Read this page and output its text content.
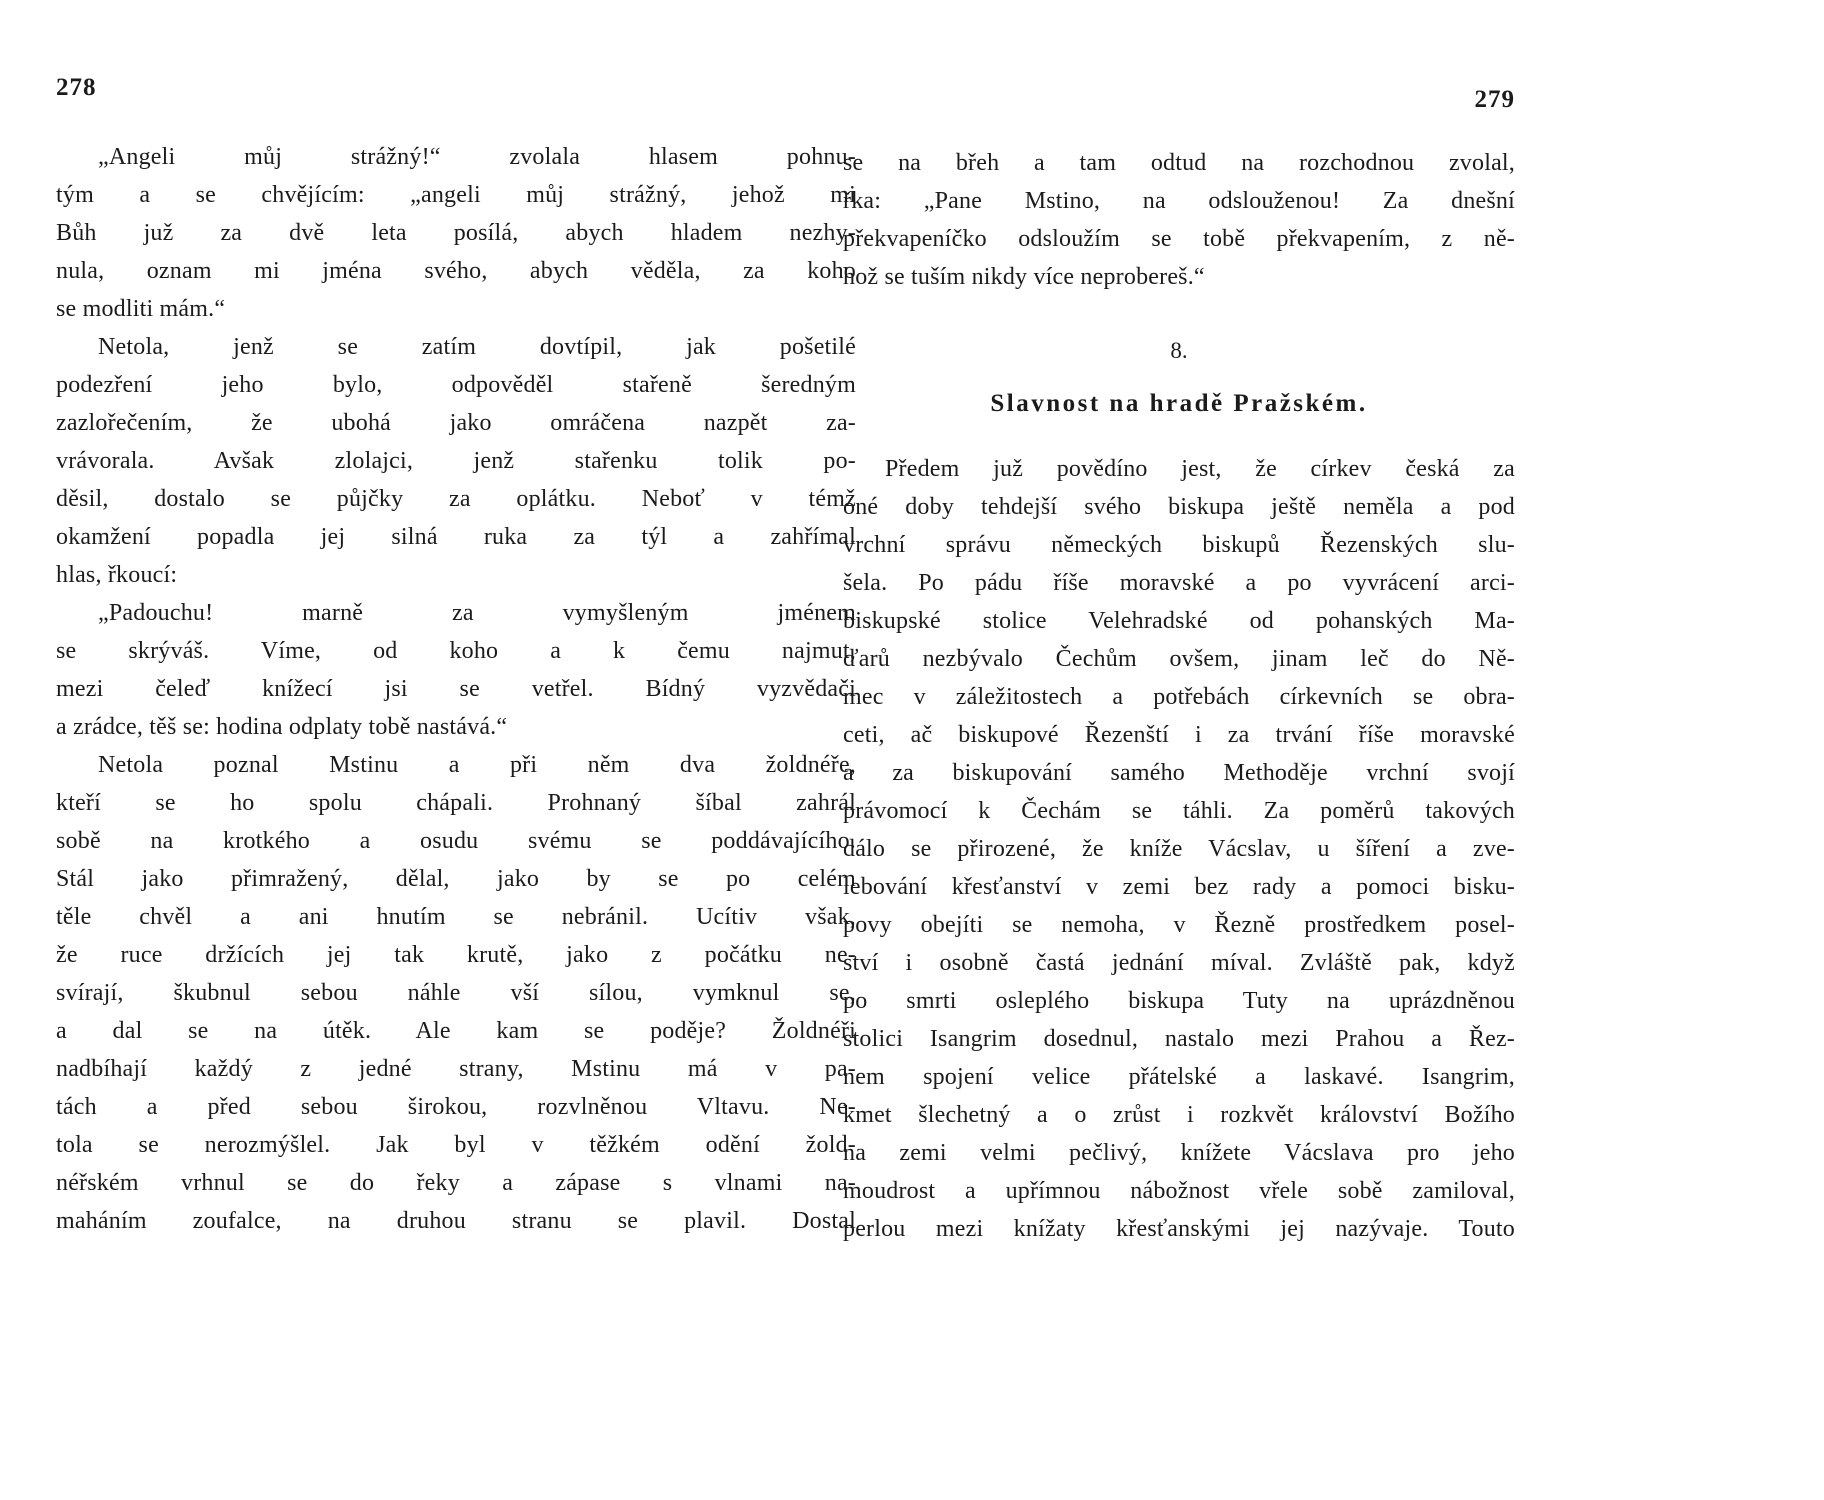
278
„Angeli můj strážný!“ zvolala hlasem pohnu-
tým a se chvějícím: „angeli můj strážný, jehož mi
Bůh juž za dvě leta posílá, abych hladem nezhy-
nula, oznam mi jména svého, abych věděla, za koho
se modliti mám.“
Netola, jenž se zatím dovtípil, jak pošetilé
podezření jeho bylo, odpověděl stařeně šeredným
zazlořečením, že ubohá jako omráčena nazpět za-
vrávorala. Avšak zlolajci, jenž stařenku tolik po-
děsil, dostalo se půjčky za oplátku. Neboť v témž
okamžení popadla jej silná ruka za týl a zahřímal
hlas, řkoucí:
„Padouchu! marně za vymyšleným jménem
se skrýváš. Víme, od koho a k čemu najmut,
mezi čeleď knížecí jsi se vetřel. Bídný vyzvědači
a zrádce, těš se: hodina odplaty tobě nastává.“
Netola poznal Mstinu a při něm dva žoldnéře,
kteří se ho spolu chápali. Prohnaný šíbal zahrál
sobě na krotkého a osudu svému se poddávajícího.
Stál jako přimražený, dělal, jako by se po celém
těle chvěl a ani hnutím se nebránil. Ucítiv však,
že ruce držících jej tak krutě, jako z počátku ne-
svírají, škubnul sebou náhle vší sílou, vymknul se,
a dal se na útěk. Ale kam se poděje? Žoldnéři
nadbíhají každý z jedné strany, Mstinu má v pa-
tách a před sebou širokou, rozvlněnou Vltavu. Ne-
tola se nerozmýšlel. Jak byl v těžkém odění žold-
néřském vrhnul se do řeky a zápase s vlnami na-
maháním zoufalce, na druhou stranu se plavil. Dostal
279
se na břeh a tam odtud na rozchodnou zvolal,
řka: „Pane Mstino, na odslouženou! Za dnešní
překvapeníčko odsloužím se tobě překvapením, z ně-
hož se tuším nikdy více neprobereš.“
8.
Slavnost na hradě Pražském.
Předem juž povědíno jest, že církev česká za
oné doby tehdejší svého biskupa ještě neměla a pod
vrchní správu německých biskupů Řezenských slu-
šela. Po pádu říše moravské a po vyvrácení arci-
biskupské stolice Velehradské od pohanských Ma-
ďarů nezbývalo Čechům ovšem, jinam leč do Ně-
mec v záležitostech a potřebách církevních se obra-
ceti, ač biskupové Řezenští i za trvání říše moravské
a za biskupování samého Methoděje vrchní svojí
právomocí k Čechám se táhli. Za poměrů takových
dálo se přirozené, že kníže Vácslav, u šíření a zve-
lebování křesťanství v zemi bez rady a pomoci bisku-
povy obejíti se nemoha, v Řezně prostředkem posel-
ství i osobně častá jednání míval. Zvláště pak, když
po smrti osleplého biskupa Tuty na uprázdněnou
stolici Isangrim dosednul, nastalo mezi Prahou a Řez-
nem spojení velice přátelské a laskavé. Isangrim,
kmet šlechetný a o zrůst i rozkvět království Božího
na zemi velmi pečlivý, knížete Vácslava pro jeho
moudrost a upřímnou nábožnost vřele sobě zamiloval,
perlou mezi knížaty křesťanskými jej nazývaje. Touto
